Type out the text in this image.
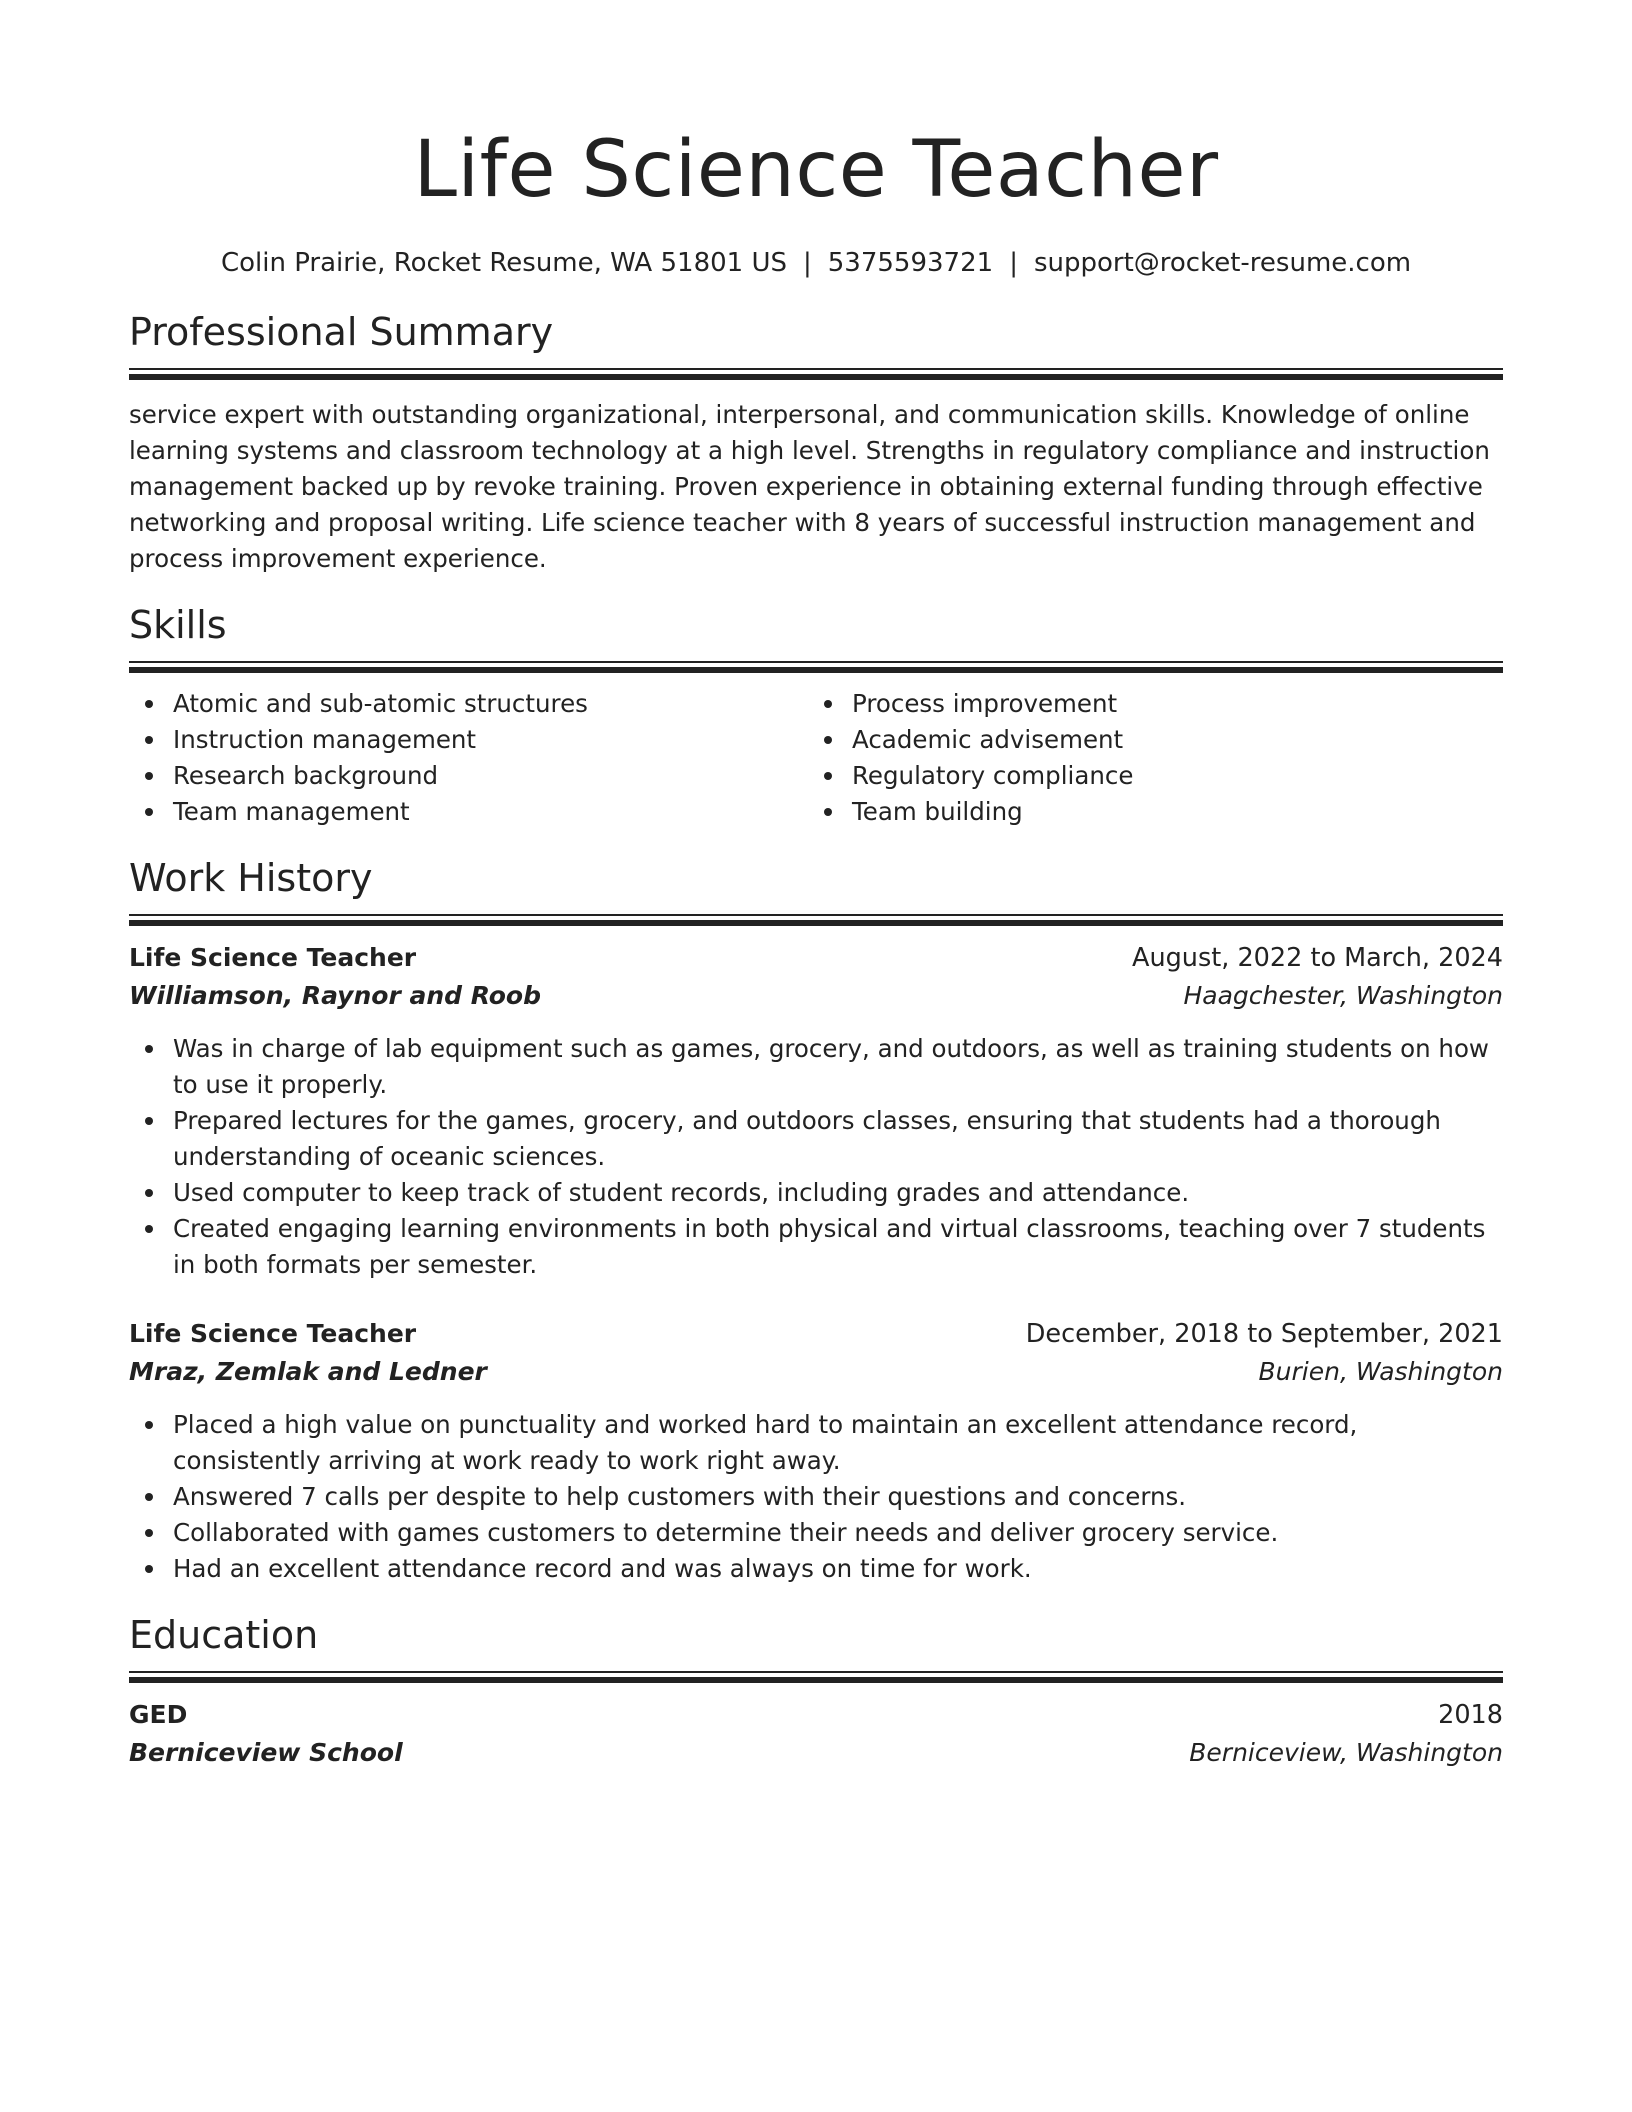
Life Science Teacher
Colin Prairie, Rocket Resume, WA 51801 US | 5375593721 | support@rocket-resume.com
Professional Summary

service expert with outstanding organizational, interpersonal, and communication skills. Knowledge of online learning systems and classroom technology at a high level. Strengths in regulatory compliance and instruction management backed up by revoke training. Proven experience in obtaining external funding through effective networking and proposal writing. Life science teacher with 8 years of successful instruction management and process improvement experience.

Skills
Atomic and sub-atomic structures
Instruction management
Research background
Team management
Process improvement
Academic advisement
Regulatory compliance
Team building
Work History
Life Science Teacher	August, 2022 to March, 2024
Williamson, Raynor and Roob	Haagchester, Washington
Was in charge of lab equipment such as games, grocery, and outdoors, as well as training students on how to use it properly.
Prepared lectures for the games, grocery, and outdoors classes, ensuring that students had a thorough understanding of oceanic sciences.
Used computer to keep track of student records, including grades and attendance.
Created engaging learning environments in both physical and virtual classrooms, teaching over 7 students in both formats per semester.
Life Science Teacher	December, 2018 to September, 2021
Mraz, Zemlak and Ledner	Burien, Washington
Placed a high value on punctuality and worked hard to maintain an excellent attendance record, consistently arriving at work ready to work right away.
Answered 7 calls per despite to help customers with their questions and concerns.
Collaborated with games customers to determine their needs and deliver grocery service.
Had an excellent attendance record and was always on time for work.
Education
GED	2018
Berniceview School	Berniceview, Washington
